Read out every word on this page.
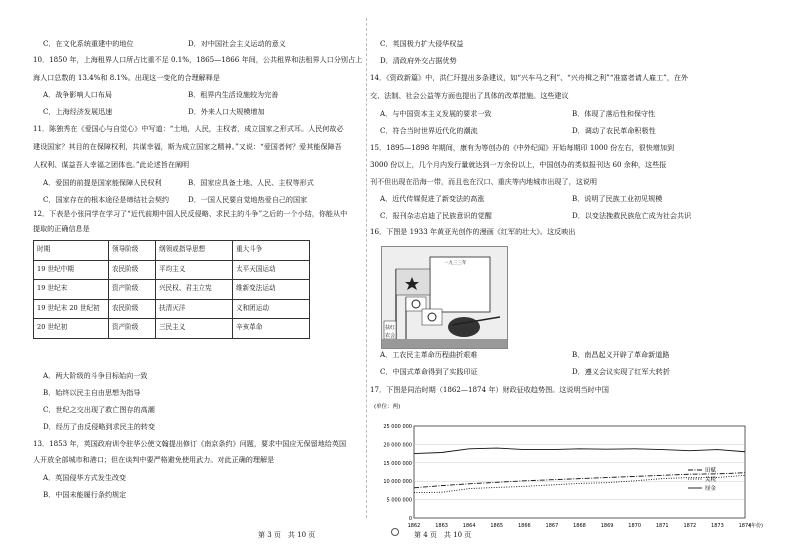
C．在文化系统重建中的地位
10．1850 年，上海租界人口所占比重不足 0.1%，1865—1866 年间，公共租界和法租界人口分别占上
海人口总数的 13.4%和 8.1%。出现这一变化的合理解释是
A．战争影响人口布局
C．上海经济发展迅速
11．陈独秀在《爱国心与自觉心》中写道：“土地，人民，主权者，成立国家之形式耳。人民何故必
建设国家？其目的在保障权利，共谋幸福，斯为成立国家之精神。”又说：“爱国者何？爱其能保障吾
人权利、谋益吾人幸福之团体也。”此论述旨在阐明
A．爱国的前提是国家能保障人民权利
C．国家存在的根本途径是缔结社会契约
12．下表是小张同学在学习了“近代前期中国人民反侵略、求民主的斗争”之后的一个小结，你能从中
提取的正确信息是
A．两大阶级的斗争目标始向一致
B．始终以民主自由思想为指导
C．世纪之交出现了救亡图存的高潮
D．经历了由反侵略到求民主的转变
13．1853 年，英国政府训令驻华公使文翰提出修订《南京条约》问题，要求中国应无保留地给英国
人开放全部城市和港口；但在谈判中要严格避免使用武力。对此正确的理解是
A．英国侵华方式发生改变
B．中国未能履行条约规定
D．对中国社会主义运动的意义
B．租界内生活设施较为完善
D．外来人口大规模增加
B．国家应具备土地、人民、主权等形式
D．一国人民要自觉地热爱自己的国家
C．英国极力扩大侵华权益
D．清政府外交占据优势
14．《资政新篇》中，洪仁玕提出多条建议，如“兴车马之利”、“兴舟楫之利”“准富者请人雇工”，在外
交、法制、社会公益等方面也提出了具体的改革措施。这些建议
A．与中国资本主义发展的要求一致
C．符合当时世界近代化的潮流
15．1895—1898 年期间，康有为等创办的《中外纪闻》开始每期印 1000 份左右，很快增加到
3000 份以上，几个月内发行量就达到一万余份以上，中国创办的类似报刊达 60 余种，这些报
刊不但出现在沿海一带，而且也在汉口、重庆等内地城市出现了，这说明
A．近代传媒促进了新变法的高涨
C．报刊杂志启迪了民族意识的觉醒
16．下图是 1933 年黄亚光创作的漫画《红军的壮大》。这反映出
A．工农民主革命历程曲折艰难
C．中国式革命得到了实践印证
17．下图是同治时期（1862—1874 年）财政征收趋势图。这说明当时中国
B．体现了落后性和保守性
D．调动了农民革命积极性
B．说明了民族工业初见规模
D．以变法挽救民族危亡成为社会共识
B．南昌起义开辟了革命新道路
D．遵义会议实现了红军大转折
时期	领导阶级	纲领或指导思想	重大斗争
19 世纪中期	农民阶级	平均主义	太平天国运动
19 世纪末	资产阶级	兴民权、君主立宪	维新变法运动
19 世纪末 20 世纪初	农民阶级	扶清灭洋	义和团运动
20 世纪初	资产阶级	三民主义	辛亥革命
一九三三年
扶红
农会
(单位：两)
25 000 000
20 000 000
15 000 000
10 000 000
5 000 000
0
1862	1863	1864	1865	1866	1867	1868	1869	1870	1871	1872	1873	1874
(年份)
田赋
关税
厘金
第 3 页　共 10 页	第 4 页　共 10 页
